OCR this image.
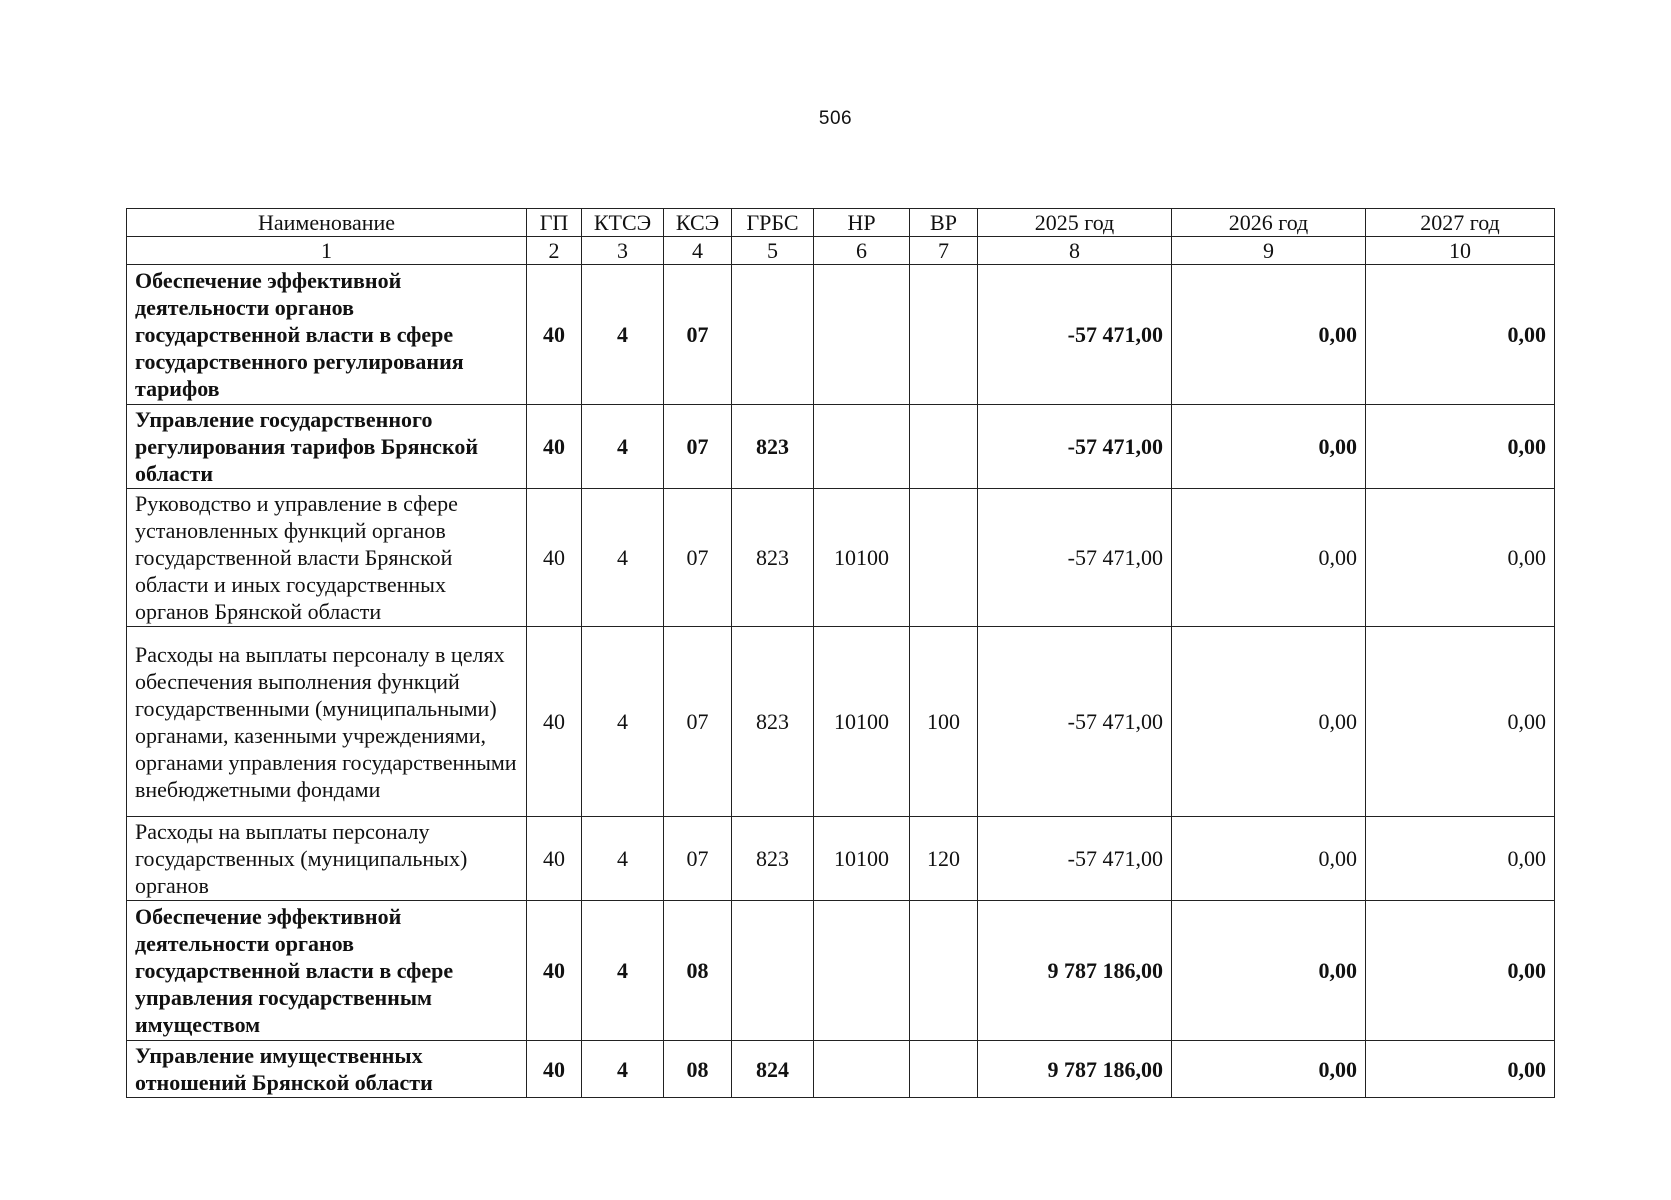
506
Наименование	ГП	КТСЭ	КСЭ	ГРБС	НР	ВР	2025 год	2026 год	2027 год
1	2	3	4	5	6	7	8	9	10
Обеспечение эффективной деятельности органов государственной власти в сфере государственного регулирования тарифов	40	4	07				-57 471,00	0,00	0,00
Управление государственного регулирования тарифов Брянской области	40	4	07	823			-57 471,00	0,00	0,00
Руководство и управление в сфере установленных функций органов государственной власти Брянской области и иных государственных органов Брянской области	40	4	07	823	10100		-57 471,00	0,00	0,00
Расходы на выплаты персоналу в целях обеспечения выполнения функций государственными (муниципальными) органами, казенными учреждениями, органами управления государственными внебюджетными фондами	40	4	07	823	10100	100	-57 471,00	0,00	0,00
Расходы на выплаты персоналу государственных (муниципальных) органов	40	4	07	823	10100	120	-57 471,00	0,00	0,00
Обеспечение эффективной деятельности органов государственной власти в сфере управления государственным имуществом	40	4	08				9 787 186,00	0,00	0,00
Управление имущественных отношений Брянской области	40	4	08	824			9 787 186,00	0,00	0,00
